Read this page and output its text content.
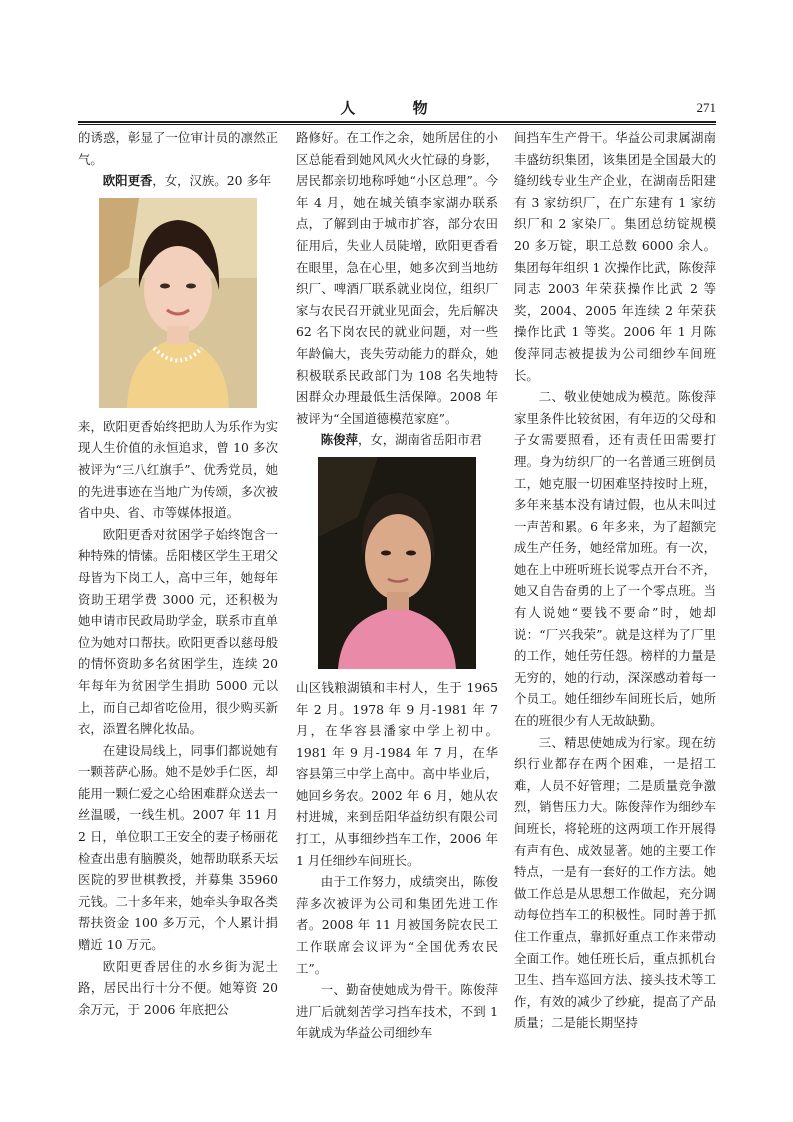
人 物	271

的诱惑，彰显了一位审计员的凛然正气。

欧阳更香，女，汉族。20 多年

来，欧阳更香始终把助人为乐作为实现人生价值的永恒追求，曾 10 多次被评为“三八红旗手”、优秀党员，她的先进事迹在当地广为传颂，多次被省中央、省、市等媒体报道。

欧阳更香对贫困学子始终饱含一种特殊的情愫。岳阳楼区学生王珺父母皆为下岗工人，高中三年，她每年资助王珺学费 3000 元，还积极为她申请市民政局助学金，联系市直单位为她对口帮扶。欧阳更香以慈母般的情怀资助多名贫困学生，连续 20 年每年为贫困学生捐助 5000 元以上，而自己却省吃俭用，很少购买新衣，添置名牌化妆品。

在建设局线上，同事们都说她有一颗菩萨心肠。她不是妙手仁医，却能用一颗仁爱之心给困难群众送去一丝温暖，一线生机。2007 年 11 月 2 日，单位职工王安全的妻子杨丽花检查出患有脑膜炎，她帮助联系天坛医院的罗世棋教授，并募集 35960 元钱。二十多年来，她牵头争取各类帮扶资金 100 多万元，个人累计捐赠近 10 万元。

欧阳更香居住的水乡街为泥土路，居民出行十分不便。她筹资 20 余万元，于 2006 年底把公

路修好。在工作之余，她所居住的小区总能看到她风风火火忙碌的身影，居民都亲切地称呼她“小区总理”。今年 4 月，她在城关镇李家湖办联系点，了解到由于城市扩容，部分农田征用后，失业人员陡增，欧阳更香看在眼里，急在心里，她多次到当地纺织厂、啤酒厂联系就业岗位，组织厂家与农民召开就业见面会，先后解决 62 名下岗农民的就业问题，对一些年龄偏大，丧失劳动能力的群众，她积极联系民政部门为 108 名失地特困群众办理最低生活保障。2008 年被评为“全国道德模范家庭”。

陈俊萍，女，湖南省岳阳市君

山区钱粮湖镇和丰村人，生于 1965 年 2 月。1978 年 9 月-1981 年 7 月，在华容县潘家中学上初中。1981 年 9 月-1984 年 7 月，在华容县第三中学上高中。高中毕业后，她回乡务农。2002 年 6 月，她从农村进城，来到岳阳华益纺织有限公司打工，从事细纱挡车工作，2006 年 1 月任细纱车间班长。

由于工作努力，成绩突出，陈俊萍多次被评为公司和集团先进工作者。2008 年 11 月被国务院农民工工作联席会议评为“全国优秀农民工”。

一、勤奋使她成为骨干。陈俊萍进厂后就刻苦学习挡车技术，不到 1 年就成为华益公司细纱车

间挡车生产骨干。华益公司隶属湖南丰盛纺织集团，该集团是全国最大的缝纫线专业生产企业，在湖南岳阳建有 3 家纺织厂，在广东建有 1 家纺织厂和 2 家染厂。集团总纺锭规模 20 多万锭，职工总数 6000 余人。集团每年组织 1 次操作比武，陈俊萍同志 2003 年荣获操作比武 2 等奖，2004、2005 年连续 2 年荣获操作比武 1 等奖。2006 年 1 月陈俊萍同志被提拔为公司细纱车间班长。

二、敬业使她成为模范。陈俊萍家里条件比较贫困，有年迈的父母和子女需要照看，还有责任田需要打理。身为纺织厂的一名普通三班倒员工，她克服一切困难坚持按时上班，多年来基本没有请过假，也从未叫过一声苦和累。6 年多来，为了超额完成生产任务，她经常加班。有一次，她在上中班听班长说零点开台不齐，她又自告奋勇的上了一个零点班。当有人说她“要钱不要命”时，她却说：“厂兴我荣”。就是这样为了厂里的工作，她任劳任怨。榜样的力量是无穷的，她的行动，深深感动着每一个员工。她任细纱车间班长后，她所在的班很少有人无故缺勤。

三、精思使她成为行家。现在纺织行业都存在两个困难，一是招工难，人员不好管理；二是质量竞争激烈，销售压力大。陈俊萍作为细纱车间班长，将轮班的这两项工作开展得有声有色、成效显著。她的主要工作特点，一是有一套好的工作方法。她做工作总是从思想工作做起，充分调动每位挡车工的积极性。同时善于抓住工作重点，靠抓好重点工作来带动全面工作。她任班长后，重点抓机台卫生、挡车巡回方法、接头技术等工作，有效的减少了纱疵，提高了产品质量；二是能长期坚持
